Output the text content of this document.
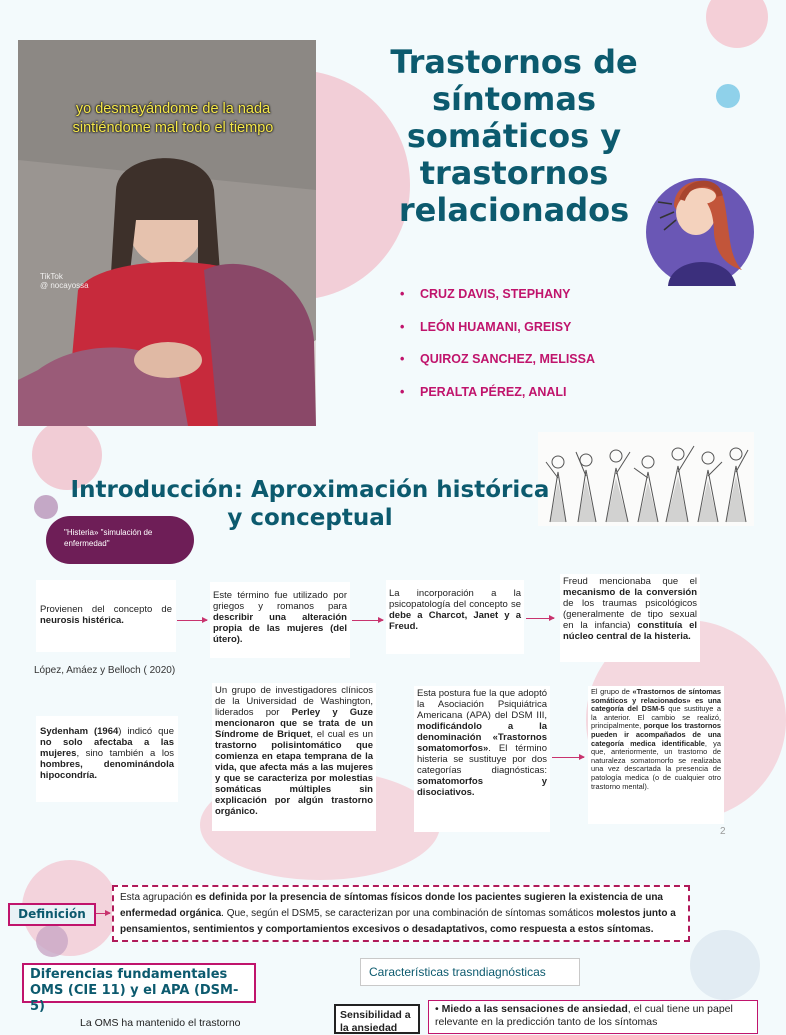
yo desmayándome de la nada
sintiéndome mal todo el tiempo
TikTok
@ nocayossa
Trastornos de síntomas somáticos y trastornos relacionados
• CRUZ DAVIS, STEPHANY
• LEÓN HUAMANI, GREISY
• QUIROZ SANCHEZ, MELISSA
• PERALTA PÉREZ, ANALI
Introducción: Aproximación histórica y conceptual
"Histeria» "simulación de enfermedad"
Provienen del concepto de neurosis histérica.
Este término fue utilizado por griegos y romanos para describir una alteración propia de las mujeres (del útero).
La incorporación a la psicopatología del concepto se debe a Charcot, Janet y a Freud.
Freud mencionaba que el mecanismo de la conversión de los traumas psicológicos (generalmente de tipo sexual en la infancia) constituía el núcleo central de la histeria.
López, Amáez y Belloch ( 2020)
Sydenham (1964) indicó que no solo afectaba a las mujeres, sino también a los hombres, denominándola hipocondría.
Un grupo de investigadores clínicos de la Universidad de Washington, liderados por Perley y Guze mencionaron que se trata de un Síndrome de Briquet, el cual es un trastorno polisintomático que comienza en etapa temprana de la vida, que afecta más a las mujeres y que se caracteriza por molestias somáticas múltiples sin explicación por algún trastorno orgánico.
Esta postura fue la que adoptó la Asociación Psiquiátrica Americana (APA) del DSM III, modificándolo a la denominación «Trastornos somatomorfos». El término histeria se sustituye por dos categorías diagnósticas: somatomorfos y disociativos.
El grupo de «Trastornos de síntomas somáticos y relacionados» es una categoría del DSM-5 que sustituye a la anterior. El cambio se realizó, principalmente, porque los trastornos pueden ir acompañados de una categoría medica identificable, ya que, anteriormente, un trastorno de naturaleza somatomorfo se realizaba una vez descartada la presencia de patología medica (o de cualquier otro trastorno mental).
2
Definición
Esta agrupación es definida por la presencia de síntomas físicos donde los pacientes sugieren la existencia de una enfermedad orgánica. Que, según el DSM5, se caracterizan por una combinación de síntomas somáticos molestos junto a pensamientos, sentimientos y comportamientos excesivos o desadaptativos, como respuesta a estos síntomas.
Diferencias fundamentales OMS (CIE 11) y el APA (DSM-5)
Características trasndiagnósticas
Sensibilidad a la ansiedad
• Miedo a las sensaciones de ansiedad, el cual tiene un papel relevante en la predicción tanto de los síntomas
La OMS ha mantenido el trastorno
